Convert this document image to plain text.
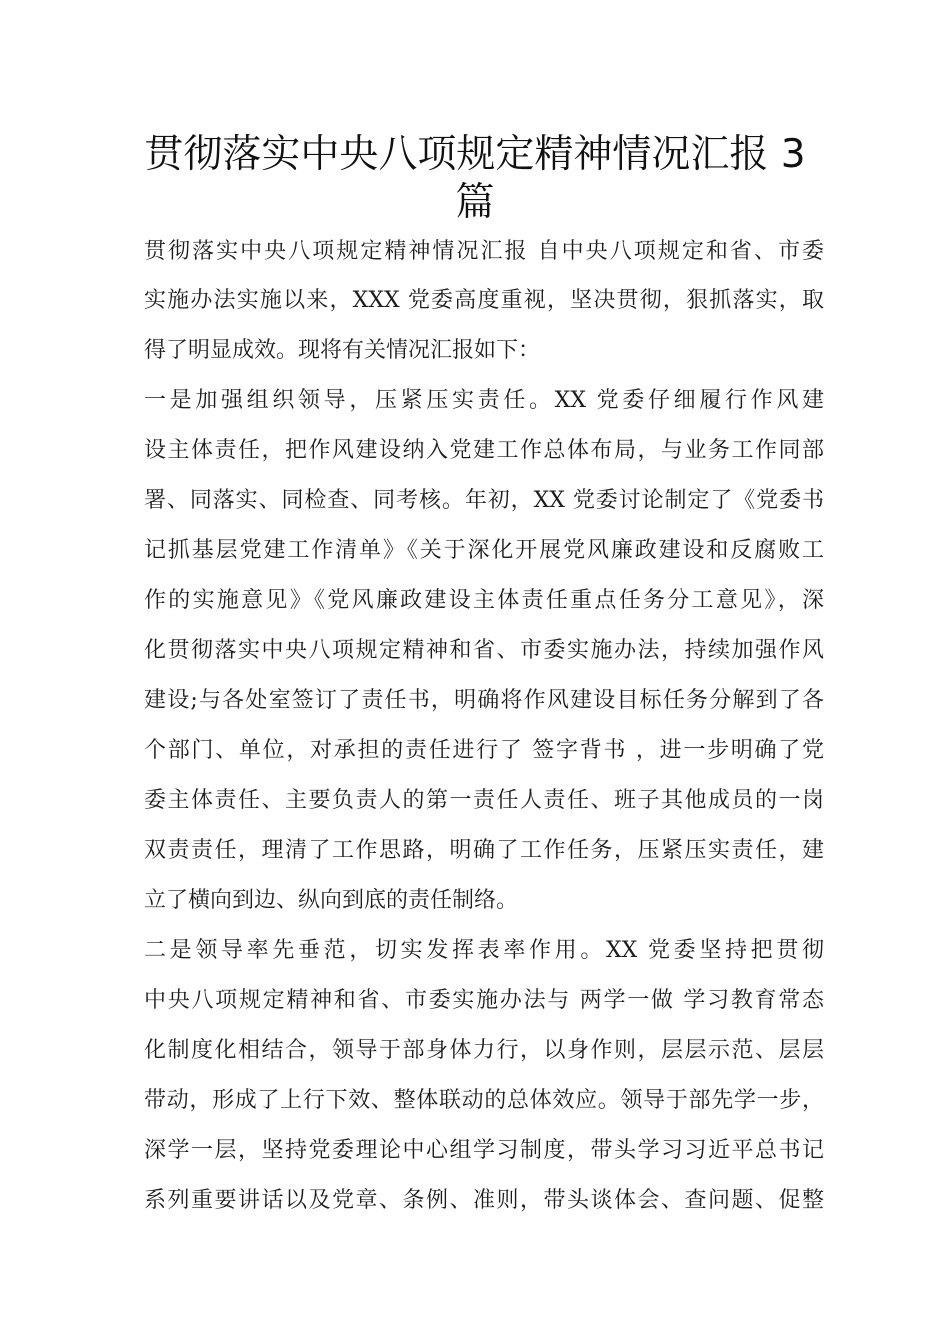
贯彻落实中央八项规定精神情况汇报 3
篇
贯彻落实中央八项规定精神情况汇报 自中央八项规定和省、市委
实施办法实施以来，XXX 党委高度重视，坚决贯彻，狠抓落实，取
得了明显成效。现将有关情况汇报如下：
一是加强组织领导，压紧压实责任。XX 党委仔细履行作风建
设主体责任，把作风建设纳入党建工作总体布局，与业务工作同部
署、同落实、同检查、同考核。年初，XX 党委讨论制定了《党委书
记抓基层党建工作清单》《关于深化开展党风廉政建设和反腐败工
作的实施意见》《党风廉政建设主体责任重点任务分工意见》，深
化贯彻落实中央八项规定精神和省、市委实施办法，持续加强作风
建设;与各处室签订了责任书，明确将作风建设目标任务分解到了各
个部门、单位，对承担的责任进行了 签字背书 ，进一步明确了党
委主体责任、主要负责人的第一责任人责任、班子其他成员的一岗
双责责任，理清了工作思路，明确了工作任务，压紧压实责任，建
立了横向到边、纵向到底的责任制络。
二是领导率先垂范，切实发挥表率作用。XX 党委坚持把贯彻
中央八项规定精神和省、市委实施办法与 两学一做 学习教育常态
化制度化相结合，领导于部身体力行，以身作则，层层示范、层层
带动，形成了上行下效、整体联动的总体效应。领导于部先学一步，
深学一层，坚持党委理论中心组学习制度，带头学习习近平总书记
系列重要讲话以及党章、条例、准则，带头谈体会、查问题、促整
